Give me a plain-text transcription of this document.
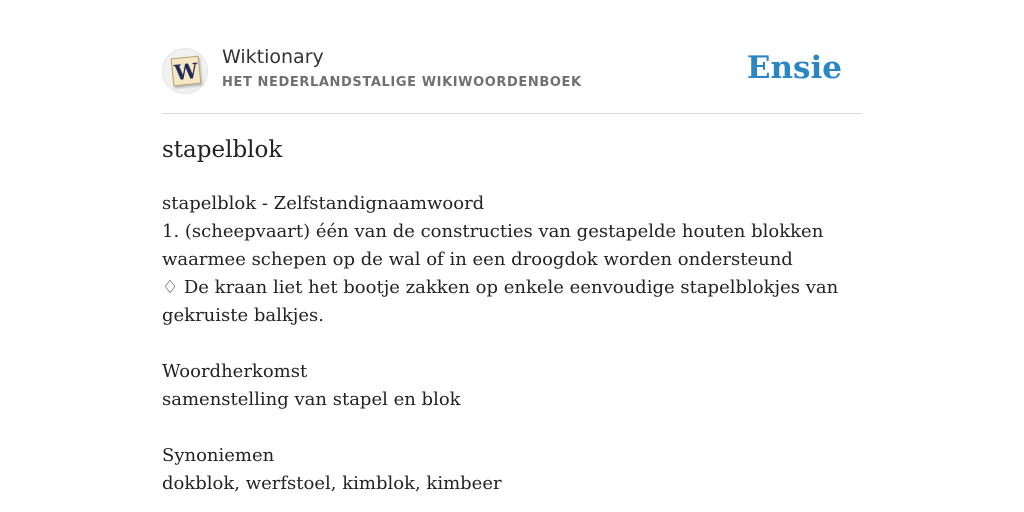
W
Wiktionary
HET NEDERLANDSTALIGE WIKIWOORDENBOEK	Ensie
stapelblok

stapelblok - Zelfstandignaamwoord

1. (scheepvaart) één van de constructies van gestapelde houten blokken waarmee schepen op de wal of in een droogdok worden ondersteund

♢ De kraan liet het bootje zakken op enkele eenvoudige stapelblokjes van gekruiste balkjes.

Woordherkomst

samenstelling van stapel en blok

Synoniemen

dokblok, werfstoel, kimblok, kimbeer
